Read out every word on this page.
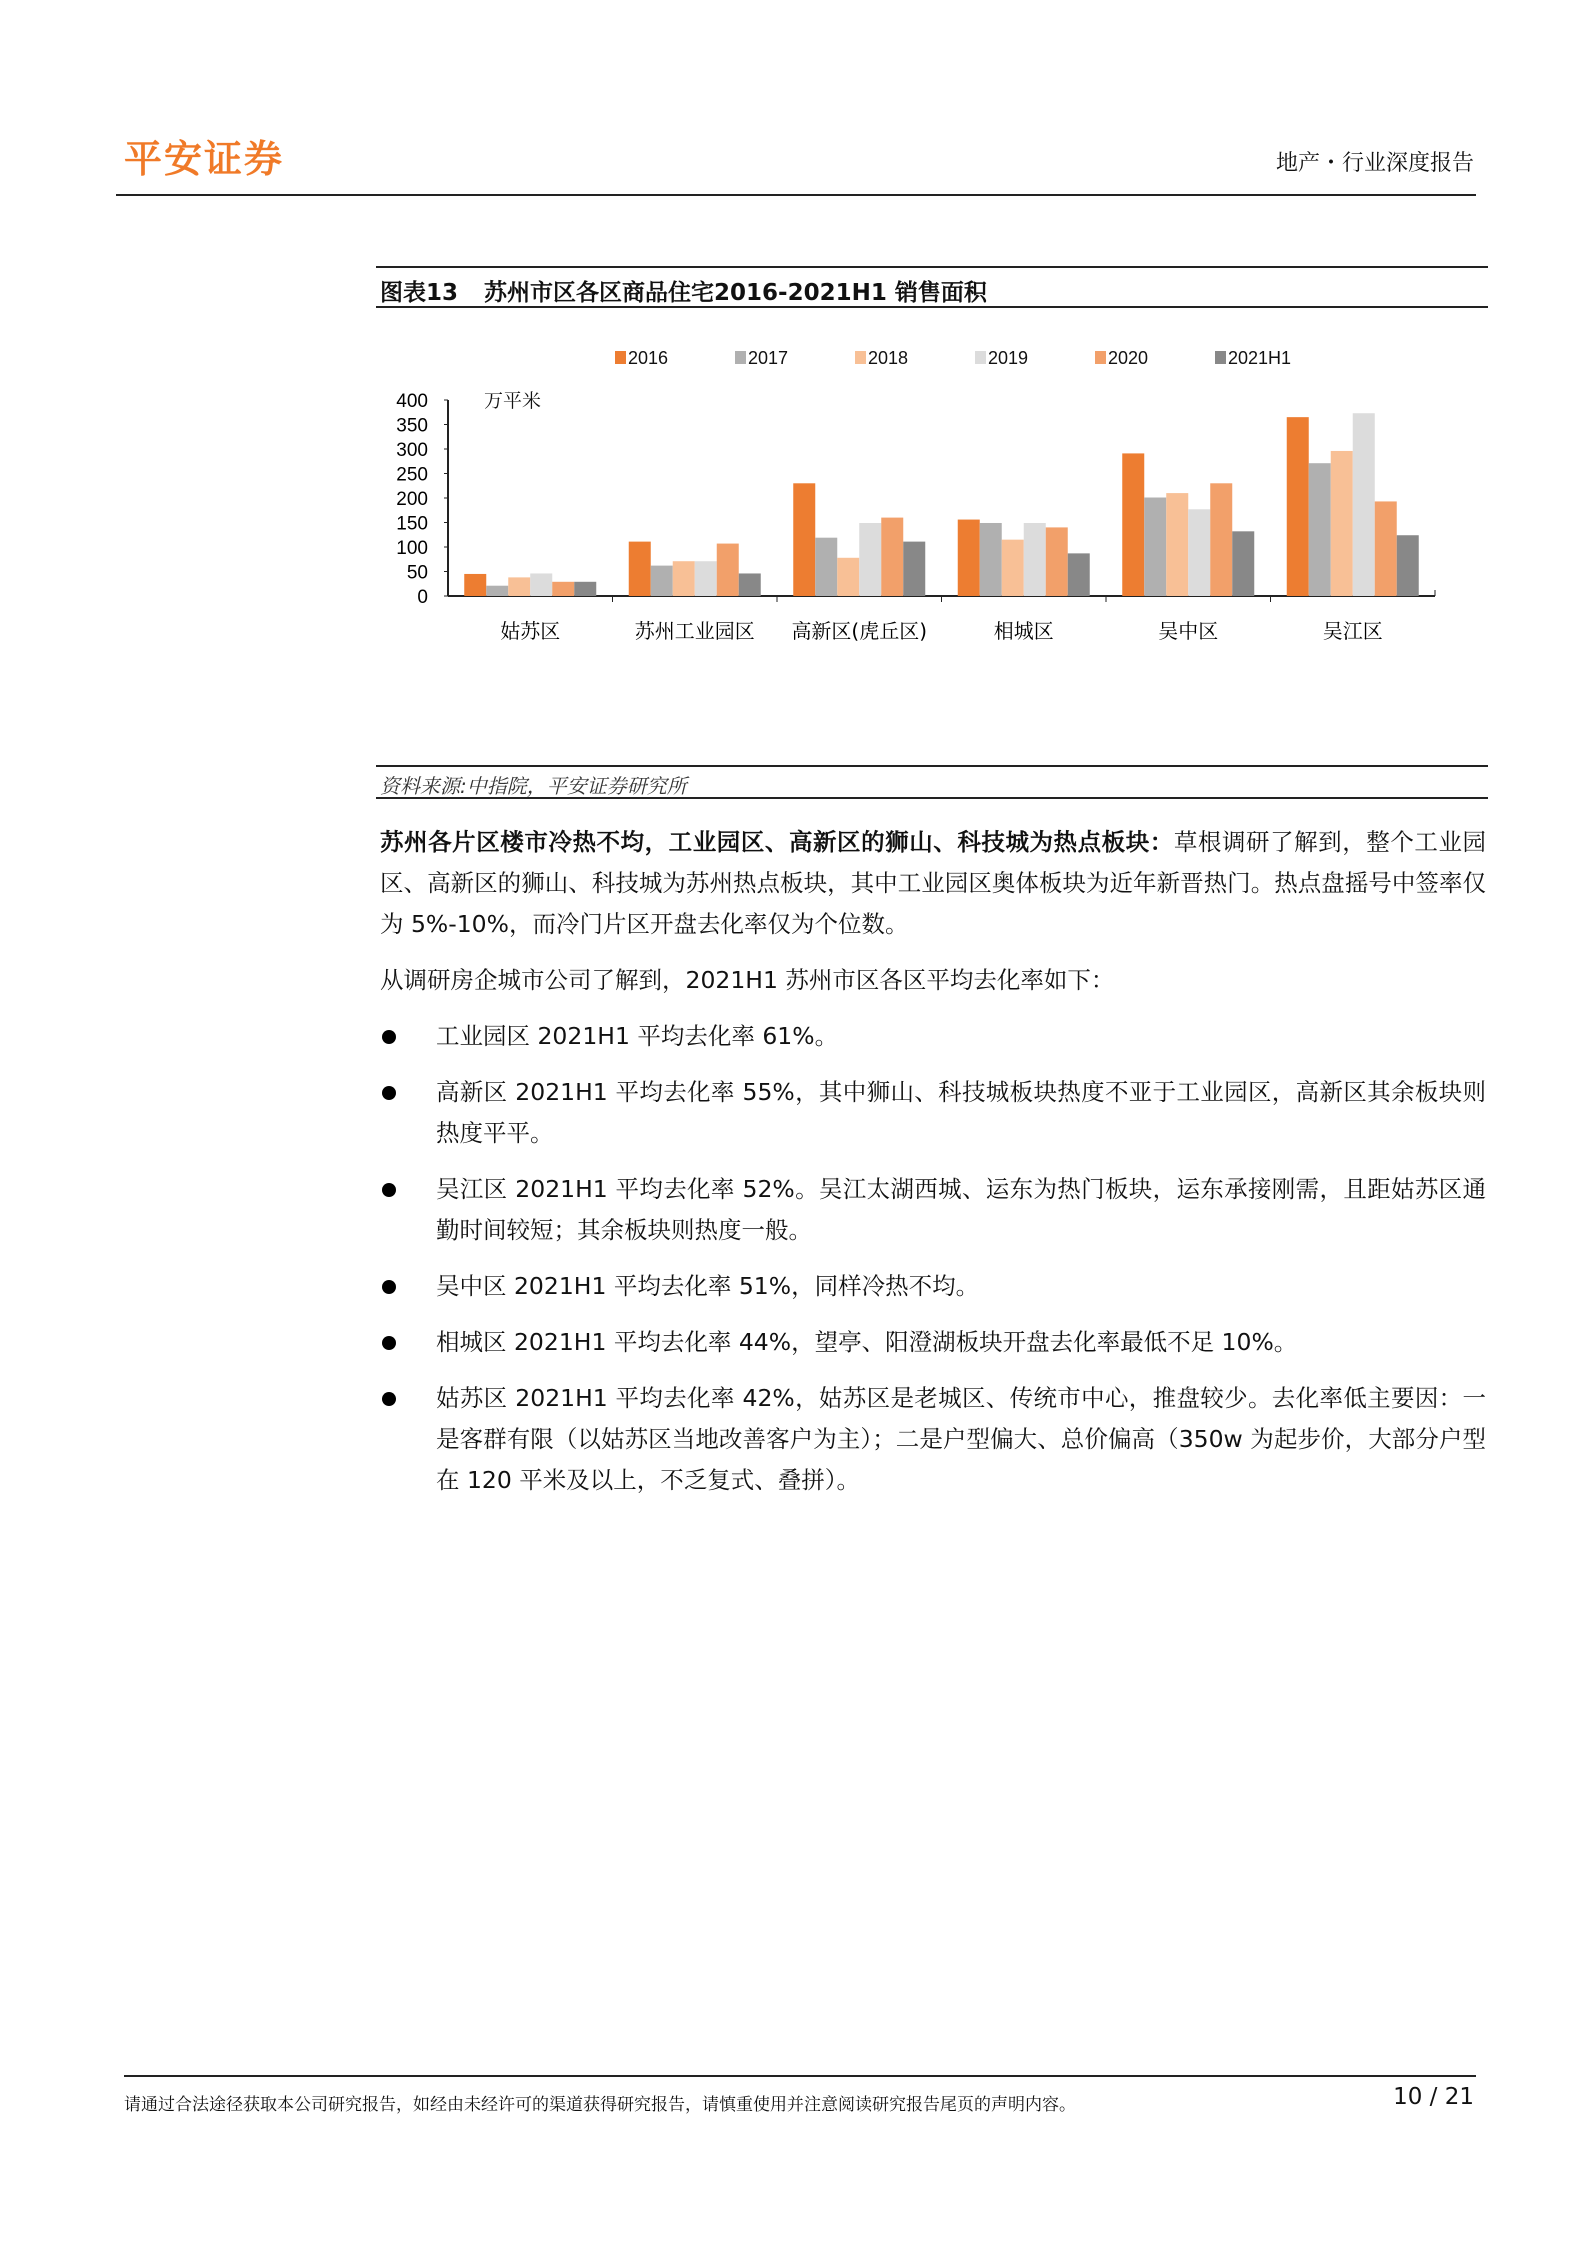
平安证券	地产・行业深度报告
图表13 苏州市区各区商品住宅2016-2021H1 销售面积
2016	2017	2018	2019	2020	2021H1
万平米
0
50
100
150
200
250
300
350
400
姑苏区	苏州工业园区 高新区(虎丘区)	相城区	吴中区	吴江区
资料来源:中指院，平安证券研究所

苏州各片区楼市冷热不均，工业园区、高新区的狮山、科技城为热点板块：草根调研了解到，整个工业园区、高新区的狮山、科技城为苏州热点板块，其中工业园区奥体板块为近年新晋热门。热点盘摇号中签率仅为 5%-10%，而冷门片区开盘去化率仅为个位数。

从调研房企城市公司了解到，2021H1 苏州市区各区平均去化率如下：

工业园区 2021H1 平均去化率 61%。
高新区 2021H1 平均去化率 55%，其中狮山、科技城板块热度不亚于工业园区，高新区其余板块则热度平平。
吴江区 2021H1 平均去化率 52%。吴江太湖西城、运东为热门板块，运东承接刚需，且距姑苏区通勤时间较短；其余板块则热度一般。
吴中区 2021H1 平均去化率 51%，同样冷热不均。
相城区 2021H1 平均去化率 44%，望亭、阳澄湖板块开盘去化率最低不足 10%。
姑苏区 2021H1 平均去化率 42%，姑苏区是老城区、传统市中心，推盘较少。去化率低主要因：一是客群有限（以姑苏区当地改善客户为主）；二是户型偏大、总价偏高（350w 为起步价，大部分户型在 120 平米及以上，不乏复式、叠拼）。
请通过合法途径获取本公司研究报告，如经由未经许可的渠道获得研究报告，请慎重使用并注意阅读研究报告尾页的声明内容。	10 / 21
